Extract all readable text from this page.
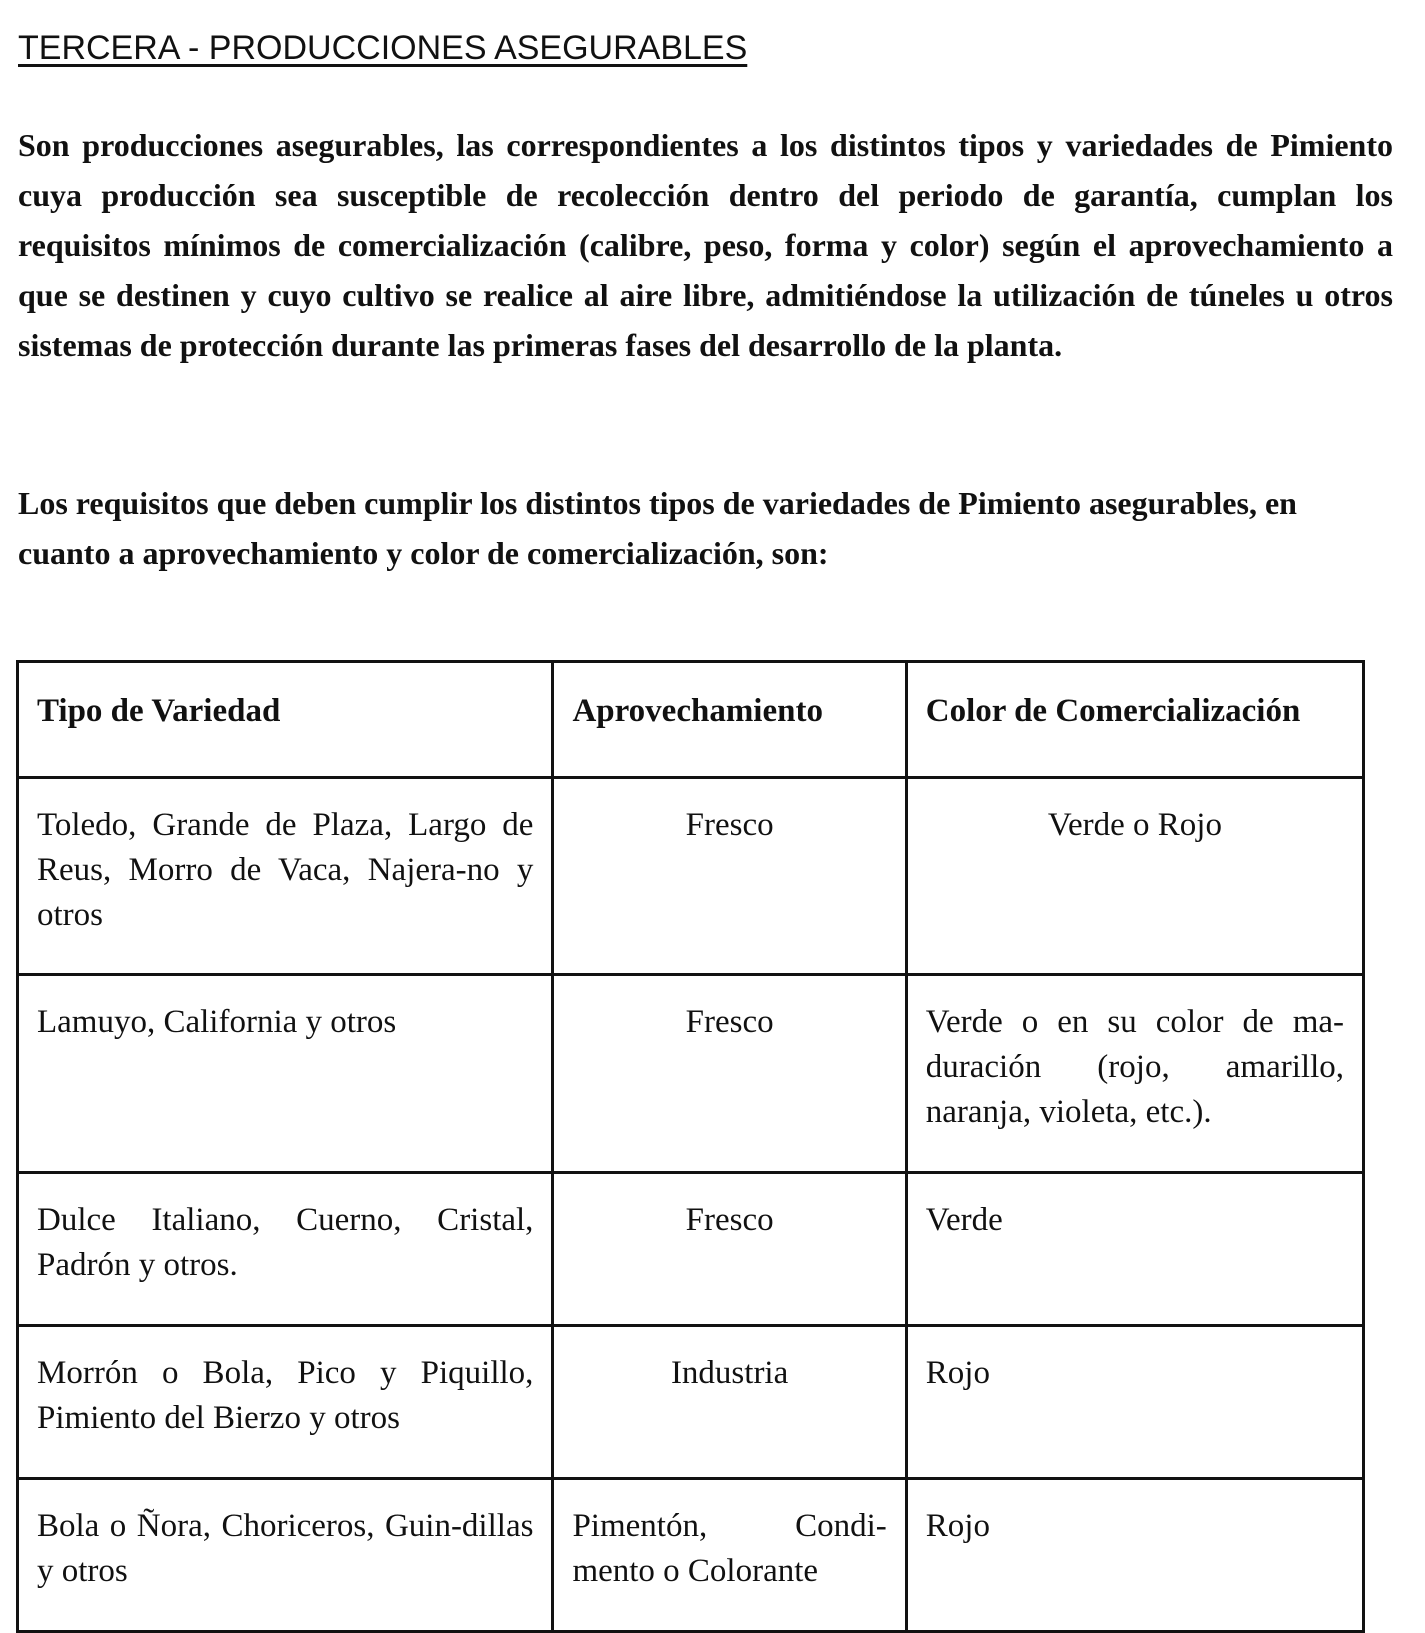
TERCERA - PRODUCCIONES ASEGURABLES

Son producciones asegurables, las correspondientes a los distintos tipos y variedades de Pimiento cuya producción sea susceptible de recolección dentro del periodo de garantía, cumplan los requisitos mínimos de comercialización (calibre, peso, forma y color) según el aprovechamiento a que se destinen y cuyo cultivo se realice al aire libre, admitiéndose la utilización de túneles u otros sistemas de protección durante las primeras fases del desarrollo de la planta.

Los requisitos que deben cumplir los distintos tipos de variedades de Pimiento asegurables, en cuanto a aprovechamiento y color de comercialización, son:

Tipo de Variedad	Aprovechamiento	Color de Comercialización
Toledo, Grande de Plaza, Largo de Reus, Morro de Vaca, Najera-no y otros	Fresco	Verde o Rojo
Lamuyo, California y otros	Fresco	Verde o en su color de ma-duración (rojo, amarillo, naranja, violeta, etc.).
Dulce Italiano, Cuerno, Cristal, Padrón y otros.	Fresco	Verde
Morrón o Bola, Pico y Piquillo, Pimiento del Bierzo y otros	Industria	Rojo
Bola o Ñora, Choriceros, Guin-dillas y otros	Pimentón, Condi-mento o Colorante	Rojo
